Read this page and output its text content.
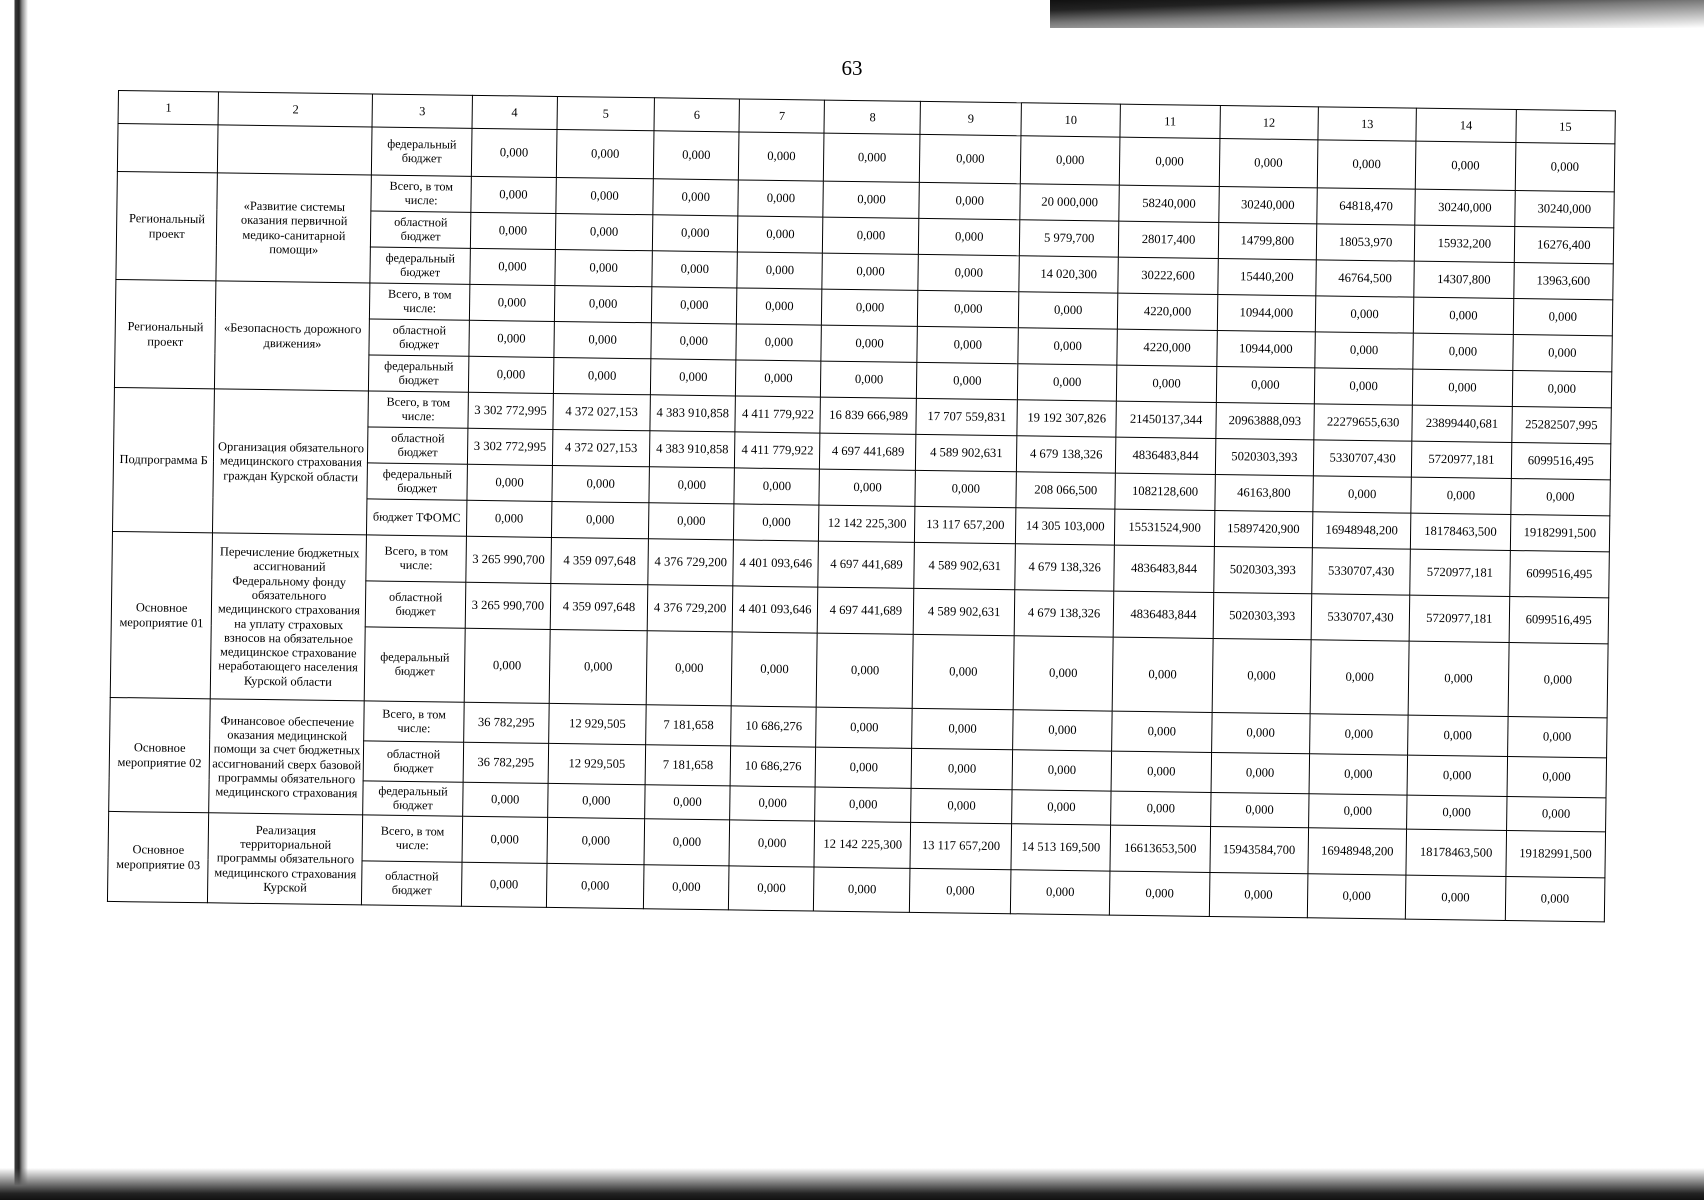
63
1	2	3	4	5	6	7	8	9	10	11	12	13	14	15
		федеральный бюджет	0,000	0,000	0,000	0,000	0,000	0,000	0,000	0,000	0,000	0,000	0,000	0,000
Региональный проект	«Развитие системы оказания первичной медико-санитарной помощи»	Всего, в том числе:	0,000	0,000	0,000	0,000	0,000	0,000	20 000,000	58240,000	30240,000	64818,470	30240,000	30240,000
		областной бюджет	0,000	0,000	0,000	0,000	0,000	0,000	5 979,700	28017,400	14799,800	18053,970	15932,200	16276,400
		федеральный бюджет	0,000	0,000	0,000	0,000	0,000	0,000	14 020,300	30222,600	15440,200	46764,500	14307,800	13963,600
Региональный проект	«Безопасность дорожного движения»	Всего, в том числе:	0,000	0,000	0,000	0,000	0,000	0,000	0,000	4220,000	10944,000	0,000	0,000	0,000
		областной бюджет	0,000	0,000	0,000	0,000	0,000	0,000	0,000	4220,000	10944,000	0,000	0,000	0,000
		федеральный бюджет	0,000	0,000	0,000	0,000	0,000	0,000	0,000	0,000	0,000	0,000	0,000	0,000
Подпрограмма Б	Организация обязательного медицинского страхования граждан Курской области	Всего, в том числе:	3 302 772,995	4 372 027,153	4 383 910,858	4 411 779,922	16 839 666,989	17 707 559,831	19 192 307,826	21450137,344	20963888,093	22279655,630	23899440,681	25282507,995
		областной бюджет	3 302 772,995	4 372 027,153	4 383 910,858	4 411 779,922	4 697 441,689	4 589 902,631	4 679 138,326	4836483,844	5020303,393	5330707,430	5720977,181	6099516,495
		федеральный бюджет	0,000	0,000	0,000	0,000	0,000	0,000	208 066,500	1082128,600	46163,800	0,000	0,000	0,000
		бюджет ТФОМС	0,000	0,000	0,000	0,000	12 142 225,300	13 117 657,200	14 305 103,000	15531524,900	15897420,900	16948948,200	18178463,500	19182991,500
Основное мероприятие 01	Перечисление бюджетных ассигнований Федеральному фонду обязательного медицинского страхования на уплату страховых взносов на обязательное медицинское страхование неработающего населения Курской области	Всего, в том числе:	3 265 990,700	4 359 097,648	4 376 729,200	4 401 093,646	4 697 441,689	4 589 902,631	4 679 138,326	4836483,844	5020303,393	5330707,430	5720977,181	6099516,495
		областной бюджет	3 265 990,700	4 359 097,648	4 376 729,200	4 401 093,646	4 697 441,689	4 589 902,631	4 679 138,326	4836483,844	5020303,393	5330707,430	5720977,181	6099516,495
		федеральный бюджет	0,000	0,000	0,000	0,000	0,000	0,000	0,000	0,000	0,000	0,000	0,000	0,000
Основное мероприятие 02	Финансовое обеспечение оказания медицинской помощи за счет бюджетных ассигнований сверх базовой программы обязательного медицинского страхования	Всего, в том числе:	36 782,295	12 929,505	7 181,658	10 686,276	0,000	0,000	0,000	0,000	0,000	0,000	0,000	0,000
		областной бюджет	36 782,295	12 929,505	7 181,658	10 686,276	0,000	0,000	0,000	0,000	0,000	0,000	0,000	0,000
		федеральный бюджет	0,000	0,000	0,000	0,000	0,000	0,000	0,000	0,000	0,000	0,000	0,000	0,000
Основное мероприятие 03	Реализация территориальной программы обязательного медицинского страхования Курской	Всего, в том числе:	0,000	0,000	0,000	0,000	12 142 225,300	13 117 657,200	14 513 169,500	16613653,500	15943584,700	16948948,200	18178463,500	19182991,500
		областной бюджет	0,000	0,000	0,000	0,000	0,000	0,000	0,000	0,000	0,000	0,000	0,000	0,000
